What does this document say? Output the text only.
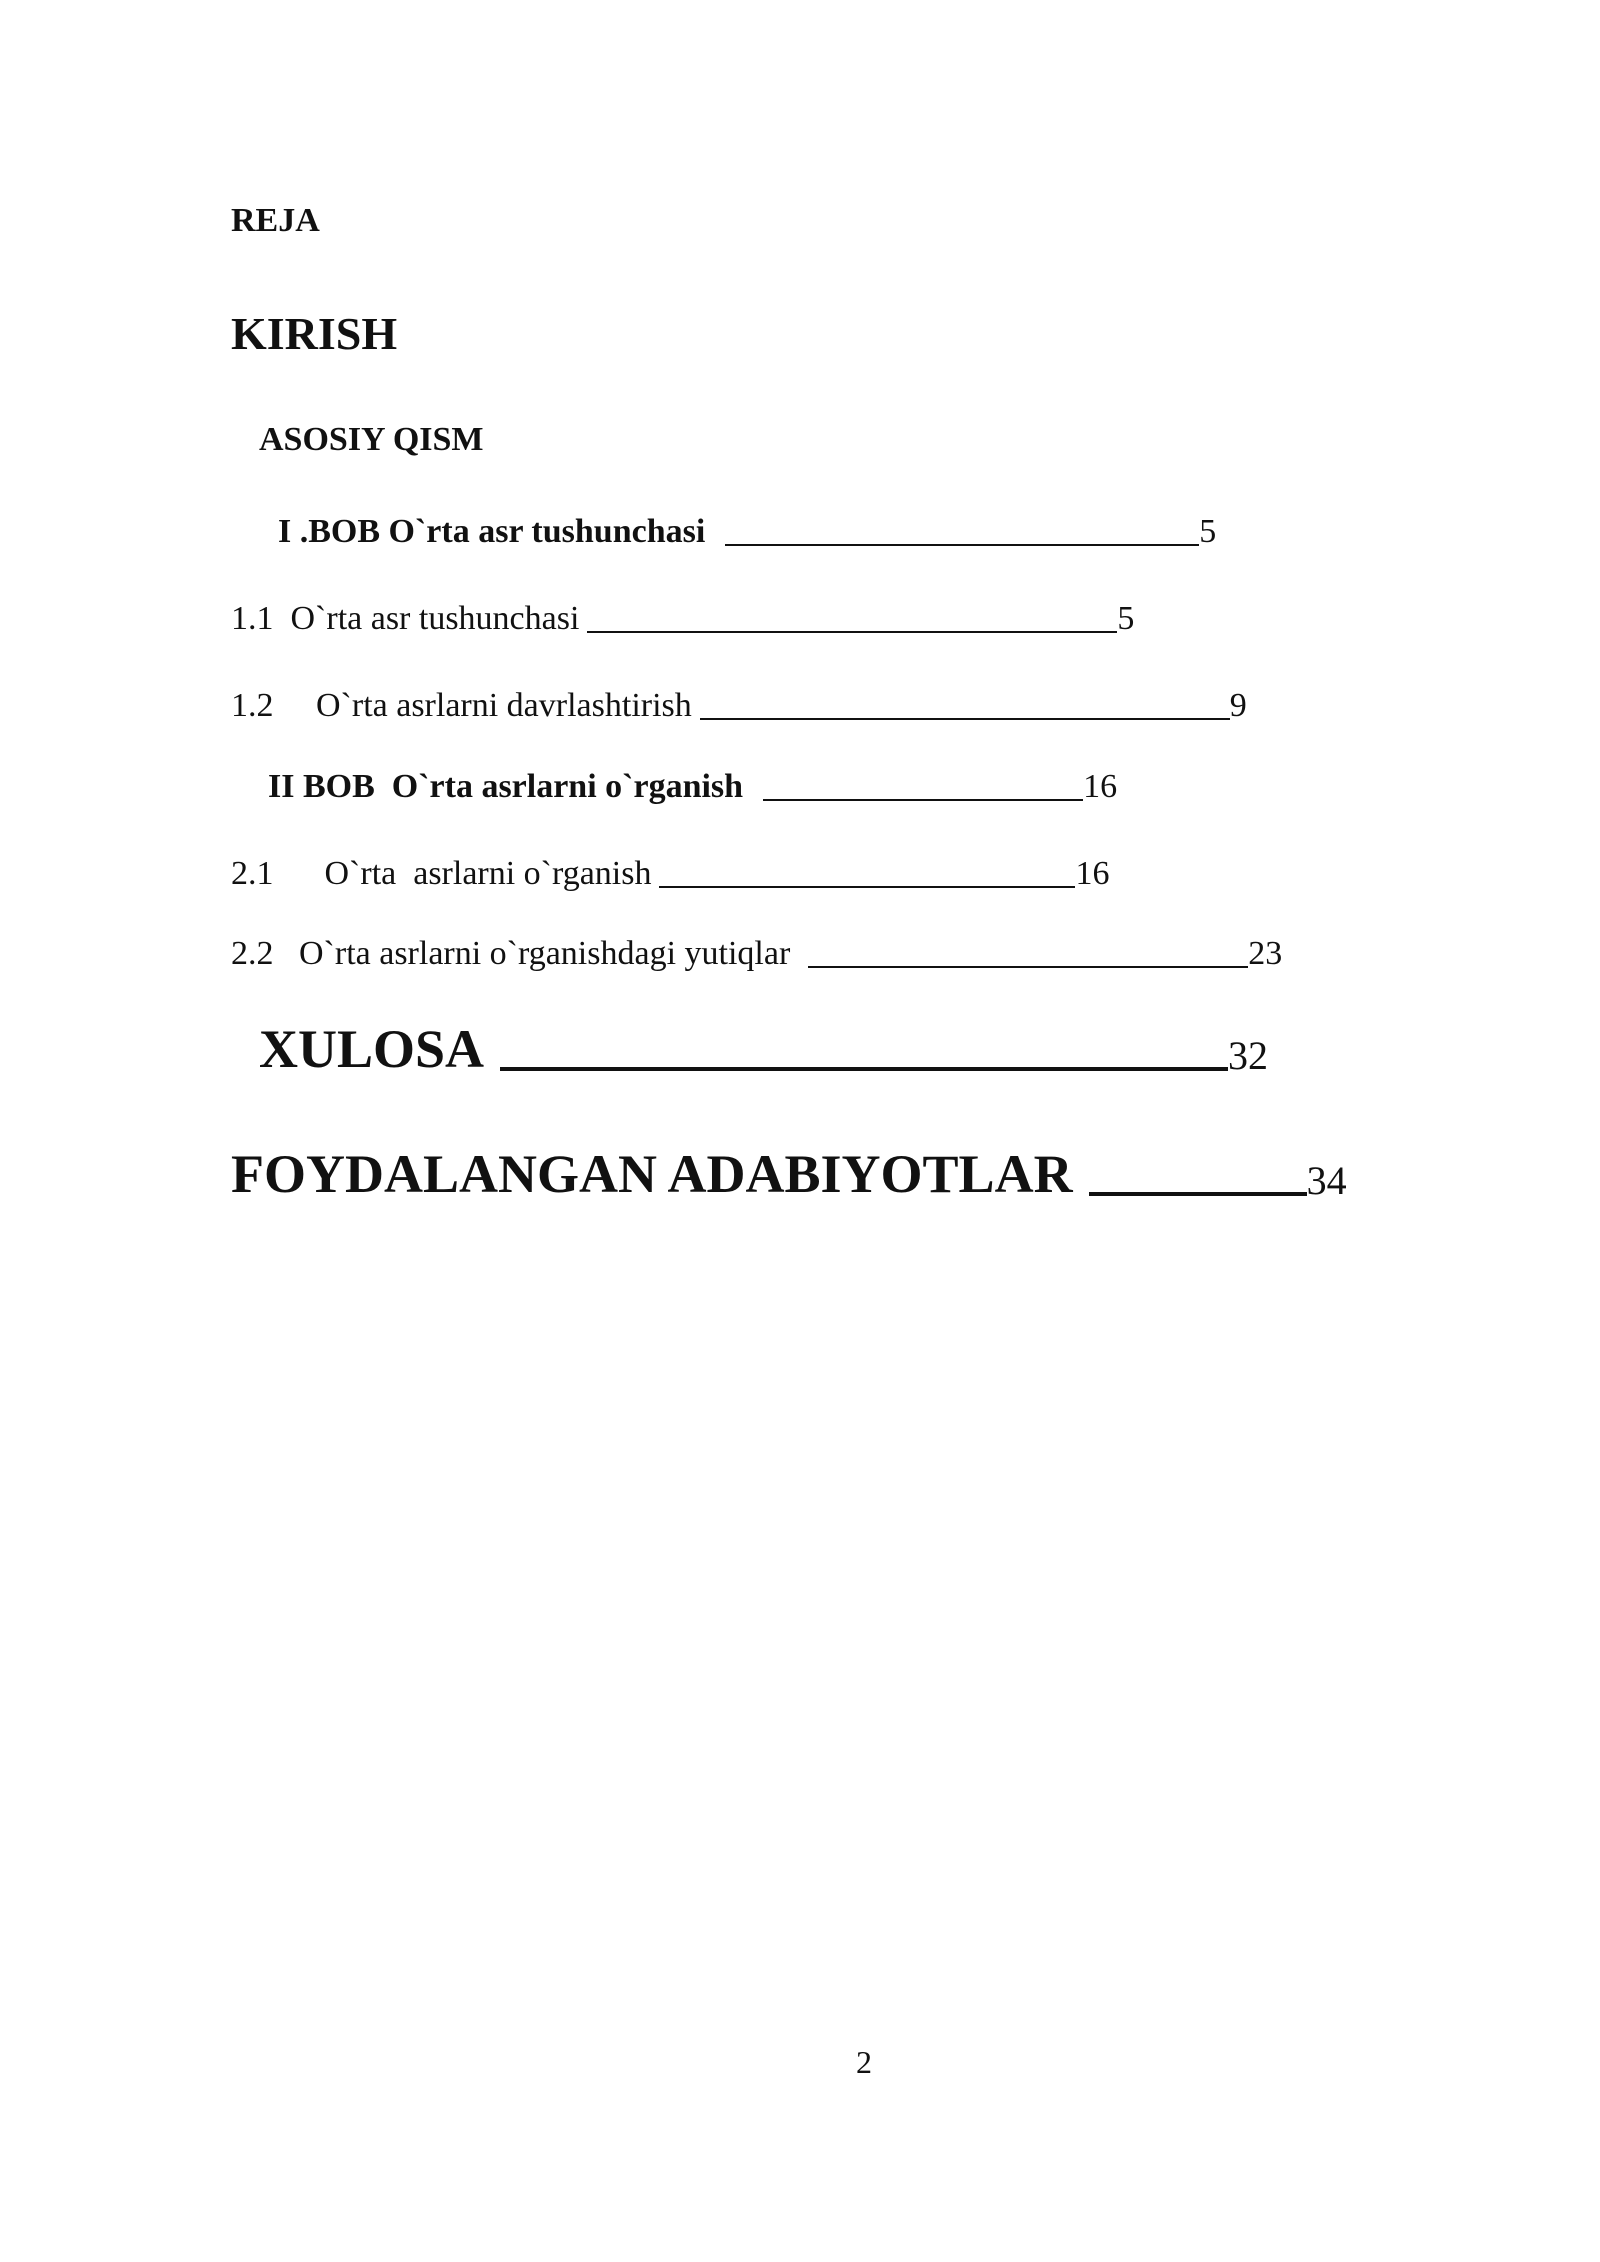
REJA
KIRISH
ASOSIY QISM
I .BOB O`rta asr tushunchasi	5
1.1  O`rta asr tushunchasi	5
1.2     O`rta asrlarni davrlashtirish	9
II BOB  O`rta asrlarni o`rganish	16
2.1      O`rta  asrlarni o`rganish	16
2.2   O`rta asrlarni o`rganishdagi yutiqlar	23
XULOSA	32
FOYDALANGAN ADABIYOTLAR	34
2
